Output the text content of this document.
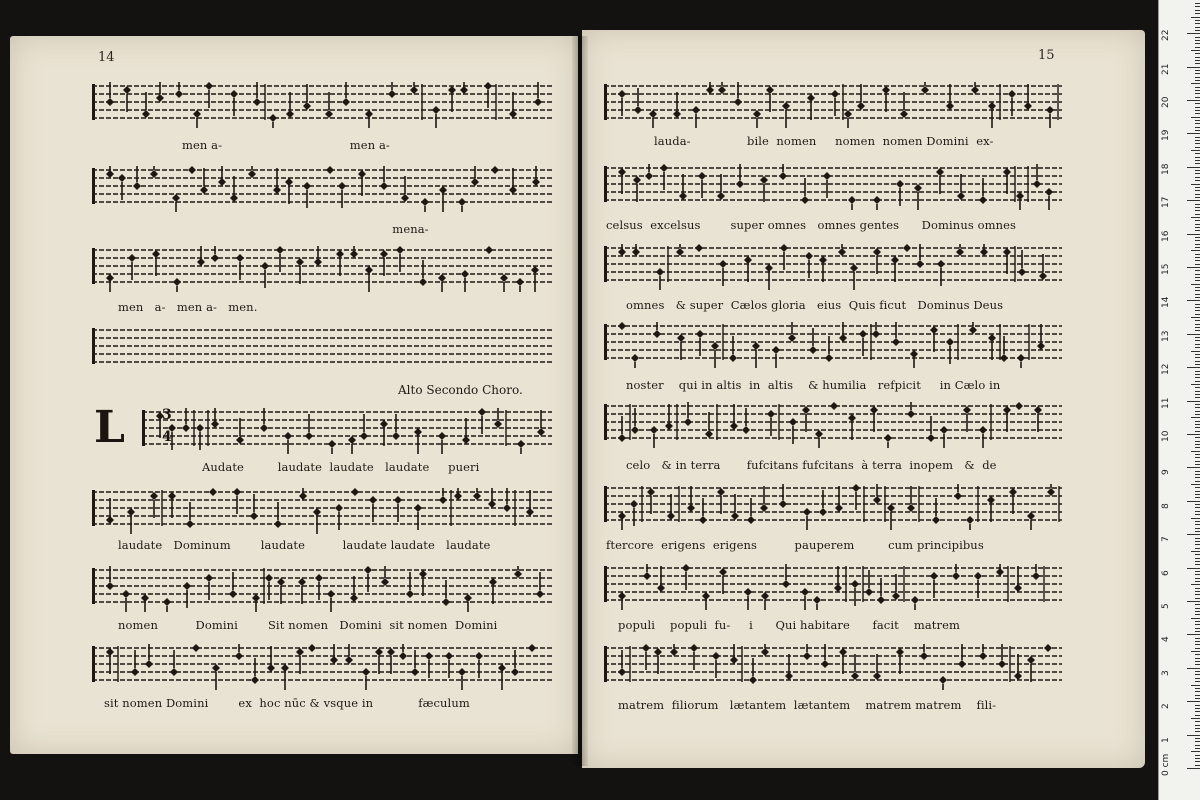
14	15
L	3
4
Alto Secondo Choro.
men a-                                  men a-
mena-
men   a-   men a-   men.
Audate         laudate  laudate   laudate     pueri
laudate   Dominum        laudate          laudate laudate   laudate
nomen          Domini        Sit nomen   Domini  sit nomen  Domini
sit nomen Domini        ex  hoc nūc & vsque in            fæculum
lauda-               bile  nomen     nomen  nomen Domini  ex-
celsus  excelsus        super omnes   omnes gentes      Dominus omnes
omnes   & super  Cælos gloria   eius  Quis ficut   Dominus Deus
noster    qui in altis  in  altis    & humilia   refpicit     in Cælo in
celo   & in terra       fufcitans fufcitans  à terra  inopem   &  de
ftercore  erigens  erigens          pauperem         cum principibus
populi    populi  fu-     i      Qui habitare      facit    matrem
matrem  filiorum   lætantem  lætantem    matrem matrem    fili-
0 cm
1
2
3
4
5
6
7
8
9
10
11
12
13
14
15
16
17
18
19
20
21
22
